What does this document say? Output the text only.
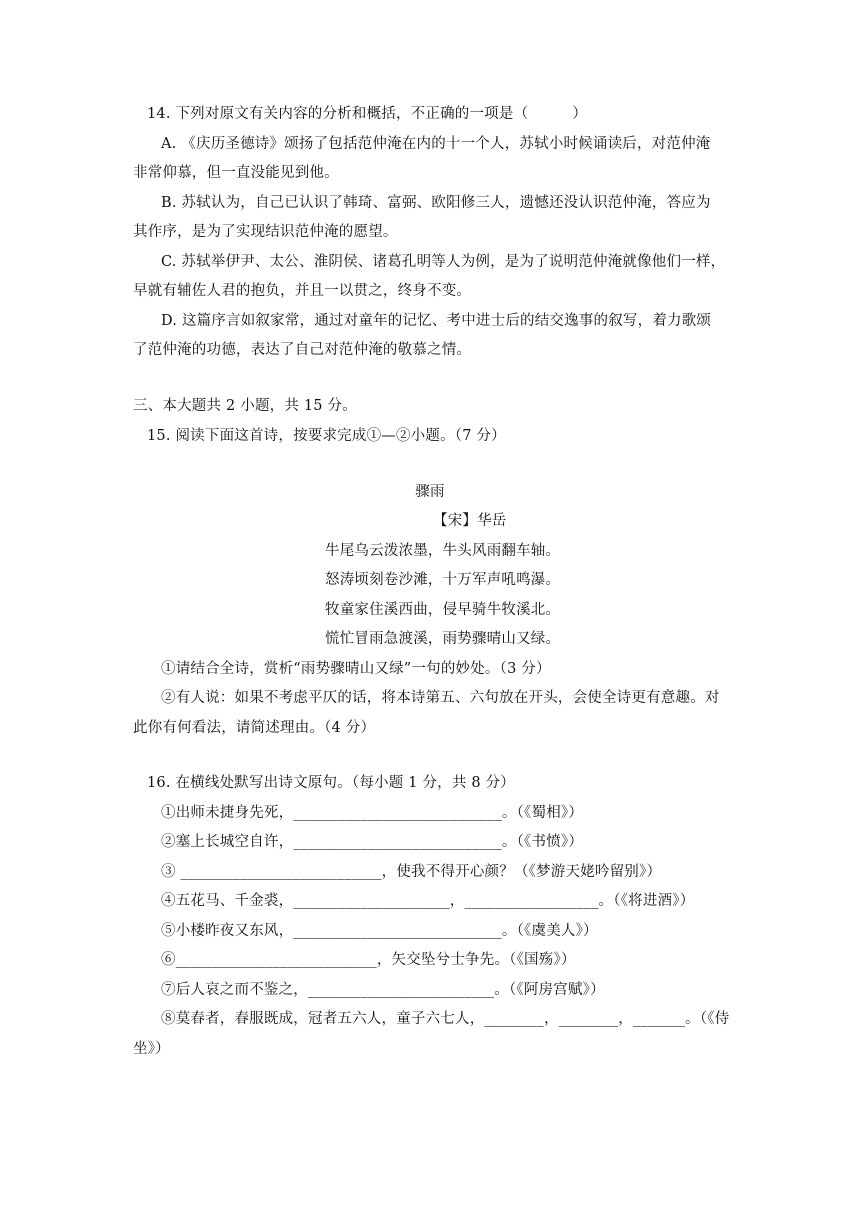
14. 下列对原文有关内容的分析和概括，不正确的一项是（　　　）
A. 《庆历圣德诗》颂扬了包括范仲淹在内的十一个人，苏轼小时候诵读后，对范仲淹
非常仰慕，但一直没能见到他。
B. 苏轼认为，自己已认识了韩琦、富弼、欧阳修三人，遗憾还没认识范仲淹，答应为
其作序，是为了实现结识范仲淹的愿望。
C. 苏轼举伊尹、太公、淮阴侯、诸葛孔明等人为例，是为了说明范仲淹就像他们一样，
早就有辅佐人君的抱负，并且一以贯之，终身不变。
D. 这篇序言如叙家常，通过对童年的记忆、考中进士后的结交逸事的叙写，着力歌颂
了范仲淹的功德，表达了自己对范仲淹的敬慕之情。
三、本大题共 2 小题，共 15 分。
15. 阅读下面这首诗，按要求完成①—②小题。（7 分）
骤雨
【宋】华岳
牛尾乌云泼浓墨，牛头风雨翻车轴。
怒涛顷刻卷沙滩，十万军声吼鸣瀑。
牧童家住溪西曲，侵早骑牛牧溪北。
慌忙冒雨急渡溪，雨势骤晴山又绿。
①请结合全诗，赏析“雨势骤晴山又绿”一句的妙处。（3 分）
②有人说：如果不考虑平仄的话，将本诗第五、六句放在开头，会使全诗更有意趣。对
此你有何看法，请简述理由。（4 分）
16. 在横线处默写出诗文原句。（每小题 1 分，共 8 分）
①出师未捷身先死，____________________________。（《蜀相》）
②塞上长城空自许，____________________________。（《书愤》）
③ ___________________________，使我不得开心颜？（《梦游天姥吟留别》）
④五花马、千金裘，_____________________，__________________。（《将进酒》）
⑤小楼昨夜又东风，____________________________。（《虞美人》）
⑥___________________________，矢交坠兮士争先。（《国殇》）
⑦后人哀之而不鉴之，_________________________。（《阿房宫赋》）
⑧莫春者，春服既成，冠者五六人，童子六七人，________，________，_______。（《侍
坐》）
